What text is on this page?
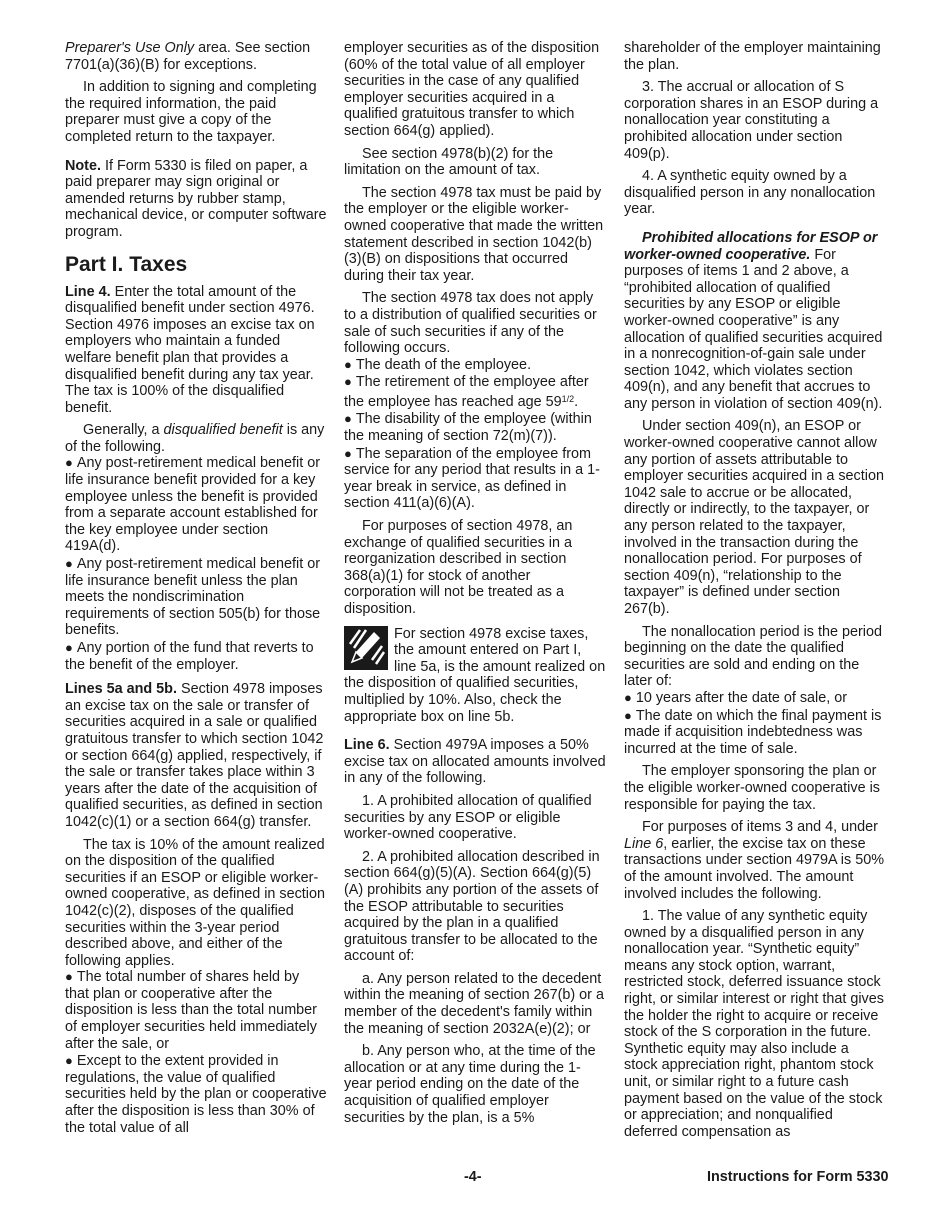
Preparer's Use Only area. See section 7701(a)(36)(B) for exceptions.

In addition to signing and completing the required information, the paid preparer must give a copy of the completed return to the taxpayer.

Note. If Form 5330 is filed on paper, a paid preparer may sign original or amended returns by rubber stamp, mechanical device, or computer software program.

Part I. Taxes

Line 4. Enter the total amount of the disqualified benefit under section 4976. Section 4976 imposes an excise tax on employers who maintain a funded welfare benefit plan that provides a disqualified benefit during any tax year. The tax is 100% of the disqualified benefit.

Generally, a disqualified benefit is any of the following.

● Any post-retirement medical benefit or life insurance benefit provided for a key employee unless the benefit is provided from a separate account established for the key employee under section 419A(d).
● Any post-retirement medical benefit or life insurance benefit unless the plan meets the nondiscrimination requirements of section 505(b) for those benefits.
● Any portion of the fund that reverts to the benefit of the employer.

Lines 5a and 5b. Section 4978 imposes an excise tax on the sale or transfer of securities acquired in a sale or qualified gratuitous transfer to which section 1042 or section 664(g) applied, respectively, if the sale or transfer takes place within 3 years after the date of the acquisition of qualified securities, as defined in section 1042(c)(1) or a section 664(g) transfer.

The tax is 10% of the amount realized on the disposition of the qualified securities if an ESOP or eligible worker-owned cooperative, as defined in section 1042(c)(2), disposes of the qualified securities within the 3-year period described above, and either of the following applies.

● The total number of shares held by that plan or cooperative after the disposition is less than the total number of employer securities held immediately after the sale, or
● Except to the extent provided in regulations, the value of qualified securities held by the plan or cooperative after the disposition is less than 30% of the total value of all

employer securities as of the disposition (60% of the total value of all employer securities in the case of any qualified employer securities acquired in a qualified gratuitous transfer to which section 664(g) applied).

See section 4978(b)(2) for the limitation on the amount of tax.

The section 4978 tax must be paid by the employer or the eligible worker-owned cooperative that made the written statement described in section 1042(b)(3)(B) on dispositions that occurred during their tax year.

The section 4978 tax does not apply to a distribution of qualified securities or sale of such securities if any of the following occurs.

● The death of the employee.
● The retirement of the employee after the employee has reached age $59^{1/2}$.
● The disability of the employee (within the meaning of section 72(m)(7)).
● The separation of the employee from service for any period that results in a 1-year break in service, as defined in section 411(a)(6)(A).

For purposes of section 4978, an exchange of qualified securities in a reorganization described in section 368(a)(1) for stock of another corporation will not be treated as a disposition.

For section 4978 excise taxes, the amount entered on Part I, line 5a, is the amount realized on the disposition of qualified securities, multiplied by 10%. Also, check the appropriate box on line 5b.

Line 6. Section 4979A imposes a 50% excise tax on allocated amounts involved in any of the following.

1. A prohibited allocation of qualified securities by any ESOP or eligible worker-owned cooperative.

2. A prohibited allocation described in section 664(g)(5)(A). Section 664(g)(5)(A) prohibits any portion of the assets of the ESOP attributable to securities acquired by the plan in a qualified gratuitous transfer to be allocated to the account of:

a. Any person related to the decedent within the meaning of section 267(b) or a member of the decedent's family within the meaning of section 2032A(e)(2); or

b. Any person who, at the time of the allocation or at any time during the 1-year period ending on the date of the acquisition of qualified employer securities by the plan, is a 5%

shareholder of the employer maintaining the plan.

3. The accrual or allocation of S corporation shares in an ESOP during a nonallocation year constituting a prohibited allocation under section 409(p).

4. A synthetic equity owned by a disqualified person in any nonallocation year.

Prohibited allocations for ESOP or worker-owned cooperative. For purposes of items 1 and 2 above, a “prohibited allocation of qualified securities by any ESOP or eligible worker-owned cooperative” is any allocation of qualified securities acquired in a nonrecognition-of-gain sale under section 1042, which violates section 409(n), and any benefit that accrues to any person in violation of section 409(n).

Under section 409(n), an ESOP or worker-owned cooperative cannot allow any portion of assets attributable to employer securities acquired in a section 1042 sale to accrue or be allocated, directly or indirectly, to the taxpayer, or any person related to the taxpayer, involved in the transaction during the nonallocation period. For purposes of section 409(n), “relationship to the taxpayer” is defined under section 267(b).

The nonallocation period is the period beginning on the date the qualified securities are sold and ending on the later of:

● 10 years after the date of sale, or
● The date on which the final payment is made if acquisition indebtedness was incurred at the time of sale.

The employer sponsoring the plan or the eligible worker-owned cooperative is responsible for paying the tax.

For purposes of items 3 and 4, under Line 6, earlier, the excise tax on these transactions under section 4979A is 50% of the amount involved. The amount involved includes the following.

1. The value of any synthetic equity owned by a disqualified person in any nonallocation year. “Synthetic equity” means any stock option, warrant, restricted stock, deferred issuance stock right, or similar interest or right that gives the holder the right to acquire or receive stock of the S corporation in the future. Synthetic equity may also include a stock appreciation right, phantom stock unit, or similar right to a future cash payment based on the value of the stock or appreciation; and nonqualified deferred compensation as

-4-	Instructions for Form 5330
